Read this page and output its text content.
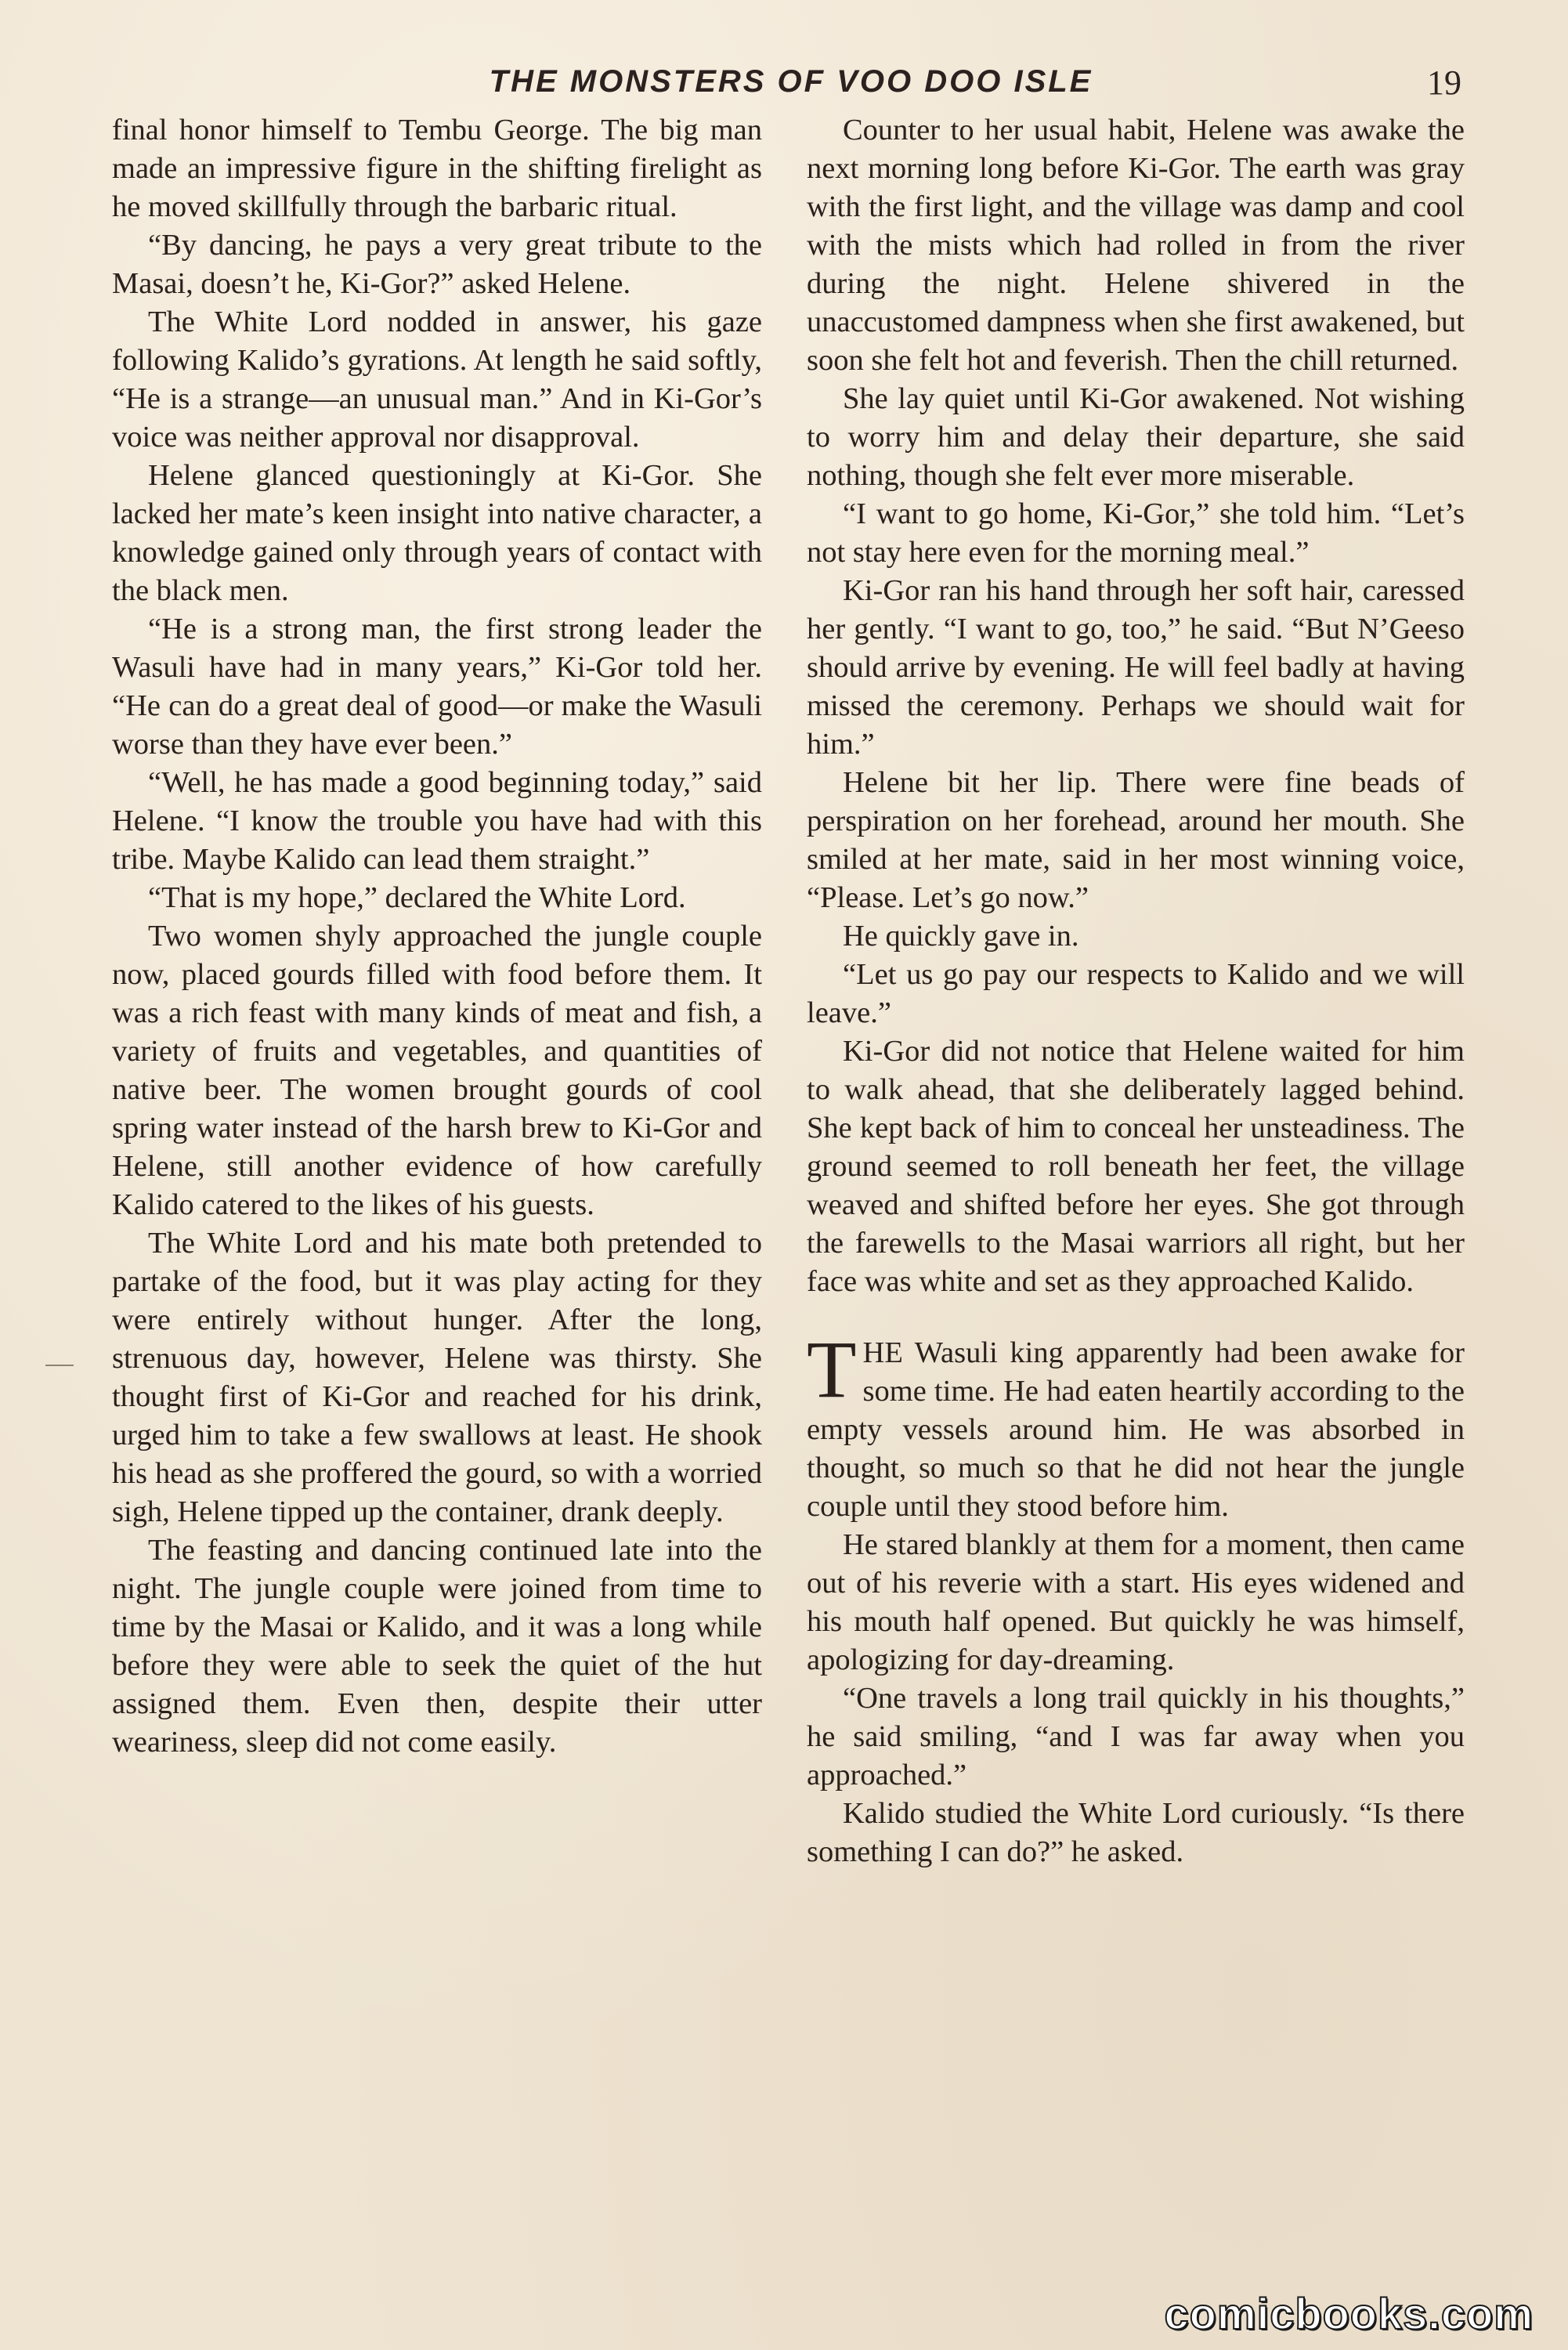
THE MONSTERS OF VOO DOO ISLE	19

final honor himself to Tembu George. The big man made an impressive figure in the shifting firelight as he moved skillfully through the barbaric ritual.

“By dancing, he pays a very great tribute to the Masai, doesn’t he, Ki-Gor?” asked Helene.

The White Lord nodded in answer, his gaze following Kalido’s gyrations. At length he said softly, “He is a strange—an unusual man.” And in Ki-Gor’s voice was neither approval nor disapproval.

Helene glanced questioningly at Ki-Gor. She lacked her mate’s keen insight into native character, a knowledge gained only through years of contact with the black men.

“He is a strong man, the first strong leader the Wasuli have had in many years,” Ki-Gor told her. “He can do a great deal of good—or make the Wasuli worse than they have ever been.”

“Well, he has made a good beginning today,” said Helene. “I know the trouble you have had with this tribe. Maybe Kalido can lead them straight.”

“That is my hope,” declared the White Lord.

Two women shyly approached the jungle couple now, placed gourds filled with food before them. It was a rich feast with many kinds of meat and fish, a variety of fruits and vegetables, and quantities of native beer. The women brought gourds of cool spring water instead of the harsh brew to Ki-Gor and Helene, still another evidence of how carefully Kalido catered to the likes of his guests.

The White Lord and his mate both pretended to partake of the food, but it was play acting for they were entirely without hunger. After the long, strenuous day, however, Helene was thirsty. She thought first of Ki-Gor and reached for his drink, urged him to take a few swallows at least. He shook his head as she proffered the gourd, so with a worried sigh, Helene tipped up the container, drank deeply.

The feasting and dancing continued late into the night. The jungle couple were joined from time to time by the Masai or Kalido, and it was a long while before they were able to seek the quiet of the hut assigned them. Even then, despite their utter weariness, sleep did not come easily.

Counter to her usual habit, Helene was awake the next morning long before Ki-Gor. The earth was gray with the first light, and the village was damp and cool with the mists which had rolled in from the river during the night. Helene shivered in the unaccustomed dampness when she first awakened, but soon she felt hot and feverish. Then the chill returned.

She lay quiet until Ki-Gor awakened. Not wishing to worry him and delay their departure, she said nothing, though she felt ever more miserable.

“I want to go home, Ki-Gor,” she told him. “Let’s not stay here even for the morning meal.”

Ki-Gor ran his hand through her soft hair, caressed her gently. “I want to go, too,” he said. “But N’Geeso should arrive by evening. He will feel badly at having missed the ceremony. Perhaps we should wait for him.”

Helene bit her lip. There were fine beads of perspiration on her forehead, around her mouth. She smiled at her mate, said in her most winning voice, “Please. Let’s go now.”

He quickly gave in.

“Let us go pay our respects to Kalido and we will leave.”

Ki-Gor did not notice that Helene waited for him to walk ahead, that she deliberately lagged behind. She kept back of him to conceal her unsteadiness. The ground seemed to roll beneath her feet, the village weaved and shifted before her eyes. She got through the farewells to the Masai warriors all right, but her face was white and set as they approached Kalido.

THE Wasuli king apparently had been awake for some time. He had eaten heartily according to the empty vessels around him. He was absorbed in thought, so much so that he did not hear the jungle couple until they stood before him.

He stared blankly at them for a moment, then came out of his reverie with a start. His eyes widened and his mouth half opened. But quickly he was himself, apologizing for day-dreaming.

“One travels a long trail quickly in his thoughts,” he said smiling, “and I was far away when you approached.”

Kalido studied the White Lord curiously. “Is there something I can do?” he asked.

comicbooks.com
